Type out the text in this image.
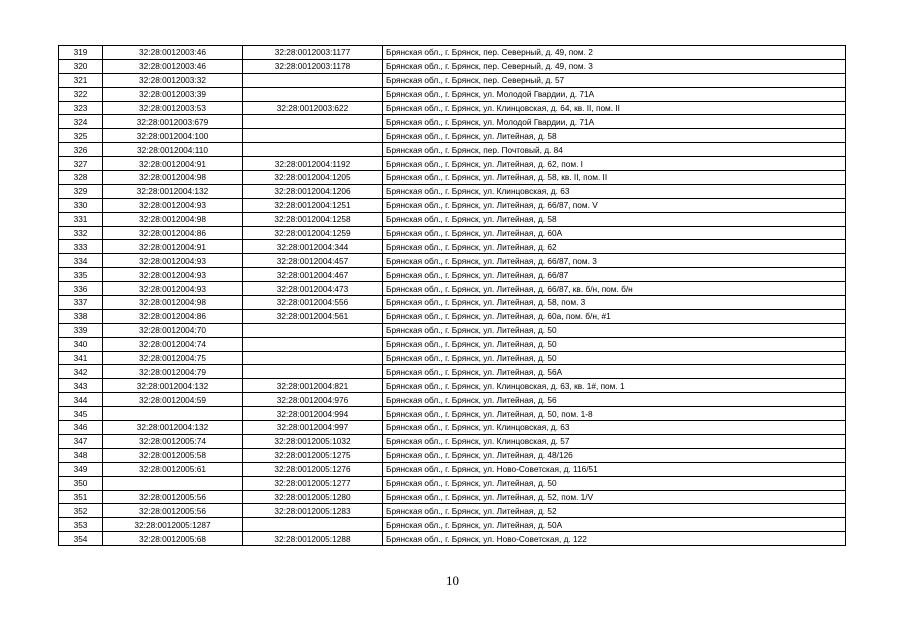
319	32:28:0012003:46	32:28:0012003:1177	Брянская обл., г. Брянск, пер. Северный, д. 49, пом. 2
320	32:28:0012003:46	32:28:0012003:1178	Брянская обл., г. Брянск, пер. Северный, д. 49, пом. 3
321	32:28:0012003:32		Брянская обл., г. Брянск, пер. Северный, д. 57
322	32:28:0012003:39		Брянская обл., г. Брянск, ул. Молодой Гвардии, д. 71А
323	32:28:0012003:53	32:28:0012003:622	Брянская обл., г. Брянск, ул. Клинцовская, д. 64, кв. II, пом. II
324	32:28:0012003:679		Брянская обл., г. Брянск, ул. Молодой Гвардии, д. 71А
325	32:28:0012004:100		Брянская обл., г. Брянск, ул. Литейная, д. 58
326	32:28:0012004:110		Брянская обл., г. Брянск, пер. Почтовый, д. 84
327	32:28:0012004:91	32:28:0012004:1192	Брянская обл., г. Брянск, ул. Литейная, д. 62, пом. I
328	32:28:0012004:98	32:28:0012004:1205	Брянская обл., г. Брянск, ул. Литейная, д. 58, кв. II, пом. II
329	32:28:0012004:132	32:28:0012004:1206	Брянская обл., г. Брянск, ул. Клинцовская, д. 63
330	32:28:0012004:93	32:28:0012004:1251	Брянская обл., г. Брянск, ул. Литейная, д. 66/87, пом. V
331	32:28:0012004:98	32:28:0012004:1258	Брянская обл., г. Брянск, ул. Литейная, д. 58
332	32:28:0012004:86	32:28:0012004:1259	Брянская обл., г. Брянск, ул. Литейная, д. 60А
333	32:28:0012004:91	32:28:0012004:344	Брянская обл., г. Брянск, ул. Литейная, д. 62
334	32:28:0012004:93	32:28:0012004:457	Брянская обл., г. Брянск, ул. Литейная, д. 66/87, пом. 3
335	32:28:0012004:93	32:28:0012004:467	Брянская обл., г. Брянск, ул. Литейная, д. 66/87
336	32:28:0012004:93	32:28:0012004:473	Брянская обл., г. Брянск, ул. Литейная, д. 66/87, кв. б/н, пом. б/н
337	32:28:0012004:98	32:28:0012004:556	Брянская обл., г. Брянск, ул. Литейная, д. 58, пом. 3
338	32:28:0012004:86	32:28:0012004:561	Брянская обл., г. Брянск, ул. Литейная, д. 60а, пом. б/н, #1
339	32:28:0012004:70		Брянская обл., г. Брянск, ул. Литейная, д. 50
340	32:28:0012004:74		Брянская обл., г. Брянск, ул. Литейная, д. 50
341	32:28:0012004:75		Брянская обл., г. Брянск, ул. Литейная, д. 50
342	32:28:0012004:79		Брянская обл., г. Брянск, ул. Литейная, д. 56А
343	32:28:0012004:132	32:28:0012004:821	Брянская обл., г. Брянск, ул. Клинцовская, д. 63, кв. 1#, пом. 1
344	32:28:0012004:59	32:28:0012004:976	Брянская обл., г. Брянск, ул. Литейная, д. 56
345		32:28:0012004:994	Брянская обл., г. Брянск, ул. Литейная, д. 50, пом. 1-8
346	32:28:0012004:132	32:28:0012004:997	Брянская обл., г. Брянск, ул. Клинцовская, д. 63
347	32:28:0012005:74	32:28:0012005:1032	Брянская обл., г. Брянск, ул. Клинцовская, д. 57
348	32:28:0012005:58	32:28:0012005:1275	Брянская обл., г. Брянск, ул. Литейная, д. 48/126
349	32:28:0012005:61	32:28:0012005:1276	Брянская обл., г. Брянск, ул. Ново-Советская, д. 116/51
350		32:28:0012005:1277	Брянская обл., г. Брянск, ул. Литейная, д. 50
351	32:28:0012005:56	32:28:0012005:1280	Брянская обл., г. Брянск, ул. Литейная, д. 52, пом. 1/V
352	32:28:0012005:56	32:28:0012005:1283	Брянская обл., г. Брянск, ул. Литейная, д. 52
353	32:28:0012005:1287		Брянская обл., г. Брянск, ул. Литейная, д. 50А
354	32:28:0012005:68	32:28:0012005:1288	Брянская обл., г. Брянск, ул. Ново-Советская, д. 122
10
